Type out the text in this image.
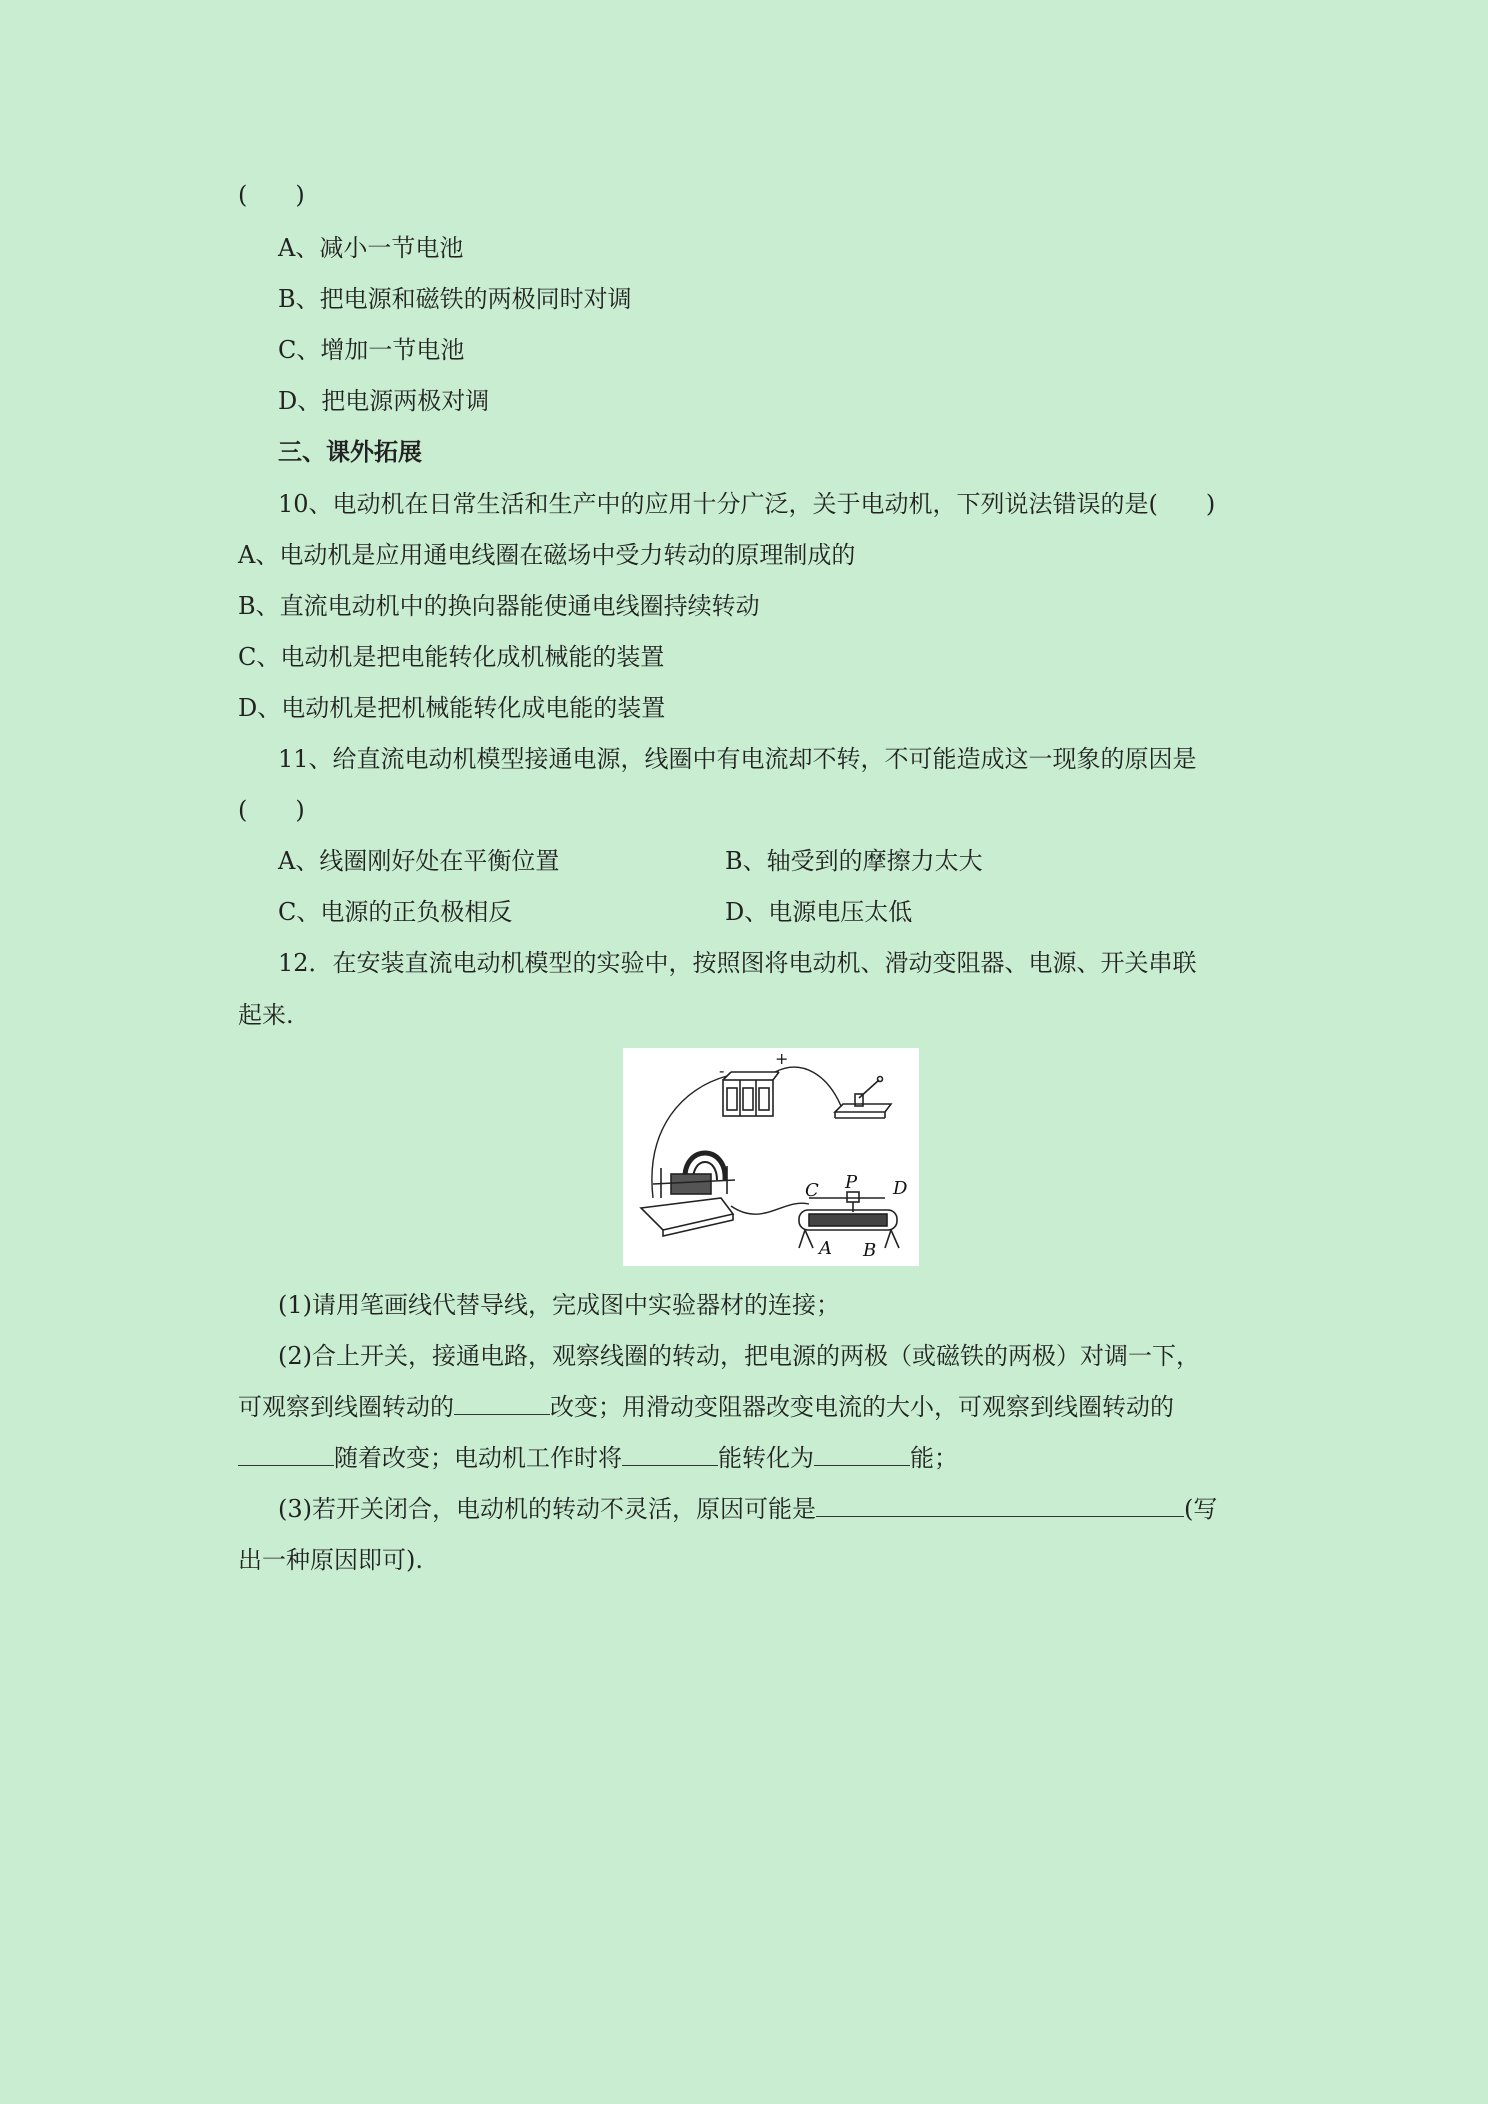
(　　)
A、减小一节电池
B、把电源和磁铁的两极同时对调
C、增加一节电池
D、把电源两极对调
三、课外拓展
10、电动机在日常生活和生产中的应用十分广泛，关于电动机，下列说法错误的是(　　)
A、电动机是应用通电线圈在磁场中受力转动的原理制成的
B、直流电动机中的换向器能使通电线圈持续转动
C、电动机是把电能转化成机械能的装置
D、电动机是把机械能转化成电能的装置
11、给直流电动机模型接通电源，线圈中有电流却不转，不可能造成这一现象的原因是
(　　)
A、线圈刚好处在平衡位置	B、轴受到的摩擦力太大
C、电源的正负极相反	D、电源电压太低
12．在安装直流电动机模型的实验中，按照图将电动机、滑动变阻器、电源、开关串联
起来.
+
-
C P D
A B
(1)请用笔画线代替导线，完成图中实验器材的连接；
(2)合上开关，接通电路，观察线圈的转动，把电源的两极（或磁铁的两极）对调一下，
可观察到线圈转动的	改变；用滑动变阻器改变电流的大小，可观察到线圈转动的
随着改变；电动机工作时将	能转化为	能；
(3)若开关闭合，电动机的转动不灵活，原因可能是	(写
出一种原因即可).
